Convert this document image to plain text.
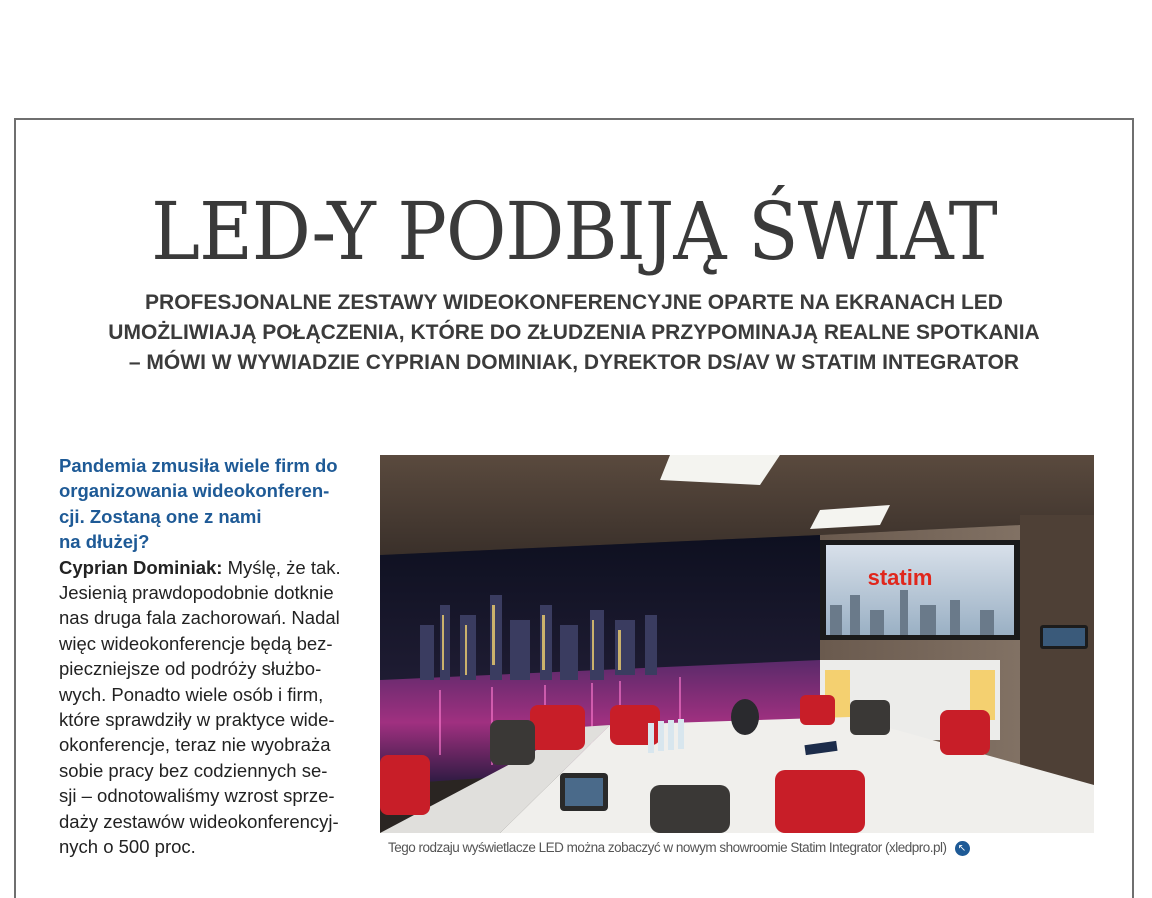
LED-Y PODBIJĄ ŚWIAT
PROFESJONALNE ZESTAWY WIDEOKONFERENCYJNE OPARTE NA EKRANACH LED
UMOŻLIWIAJĄ POŁĄCZENIA, KTÓRE DO ZŁUDZENIA PRZYPOMINAJĄ REALNE SPOTKANIA
– MÓWI W WYWIADZIE CYPRIAN DOMINIAK, DYREKTOR DS/AV W STATIM INTEGRATOR

Pandemia zmusiła wiele firm do
organizowania wideokonferen-
cji. Zostaną one z nami
na dłużej?

Cyprian Dominiak: Myślę, że tak.
Jesienią prawdopodobnie dotknie
nas druga fala zachorowań. Nadal
więc wideokonferencje będą bez-
pieczniejsze od podróży służbo-
wych. Ponadto wiele osób i firm,
które sprawdziły w praktyce wide-
okonferencje, teraz nie wyobraża
sobie pracy bez codziennych se-
sji – odnotowaliśmy wzrost sprze-
daży zestawów wideokonferencyj-
nych o 500 proc.

statim
Tego rodzaju wyświetlacze LED można zobaczyć w nowym showroomie Statim Integrator (xledpro.pl) ↖
